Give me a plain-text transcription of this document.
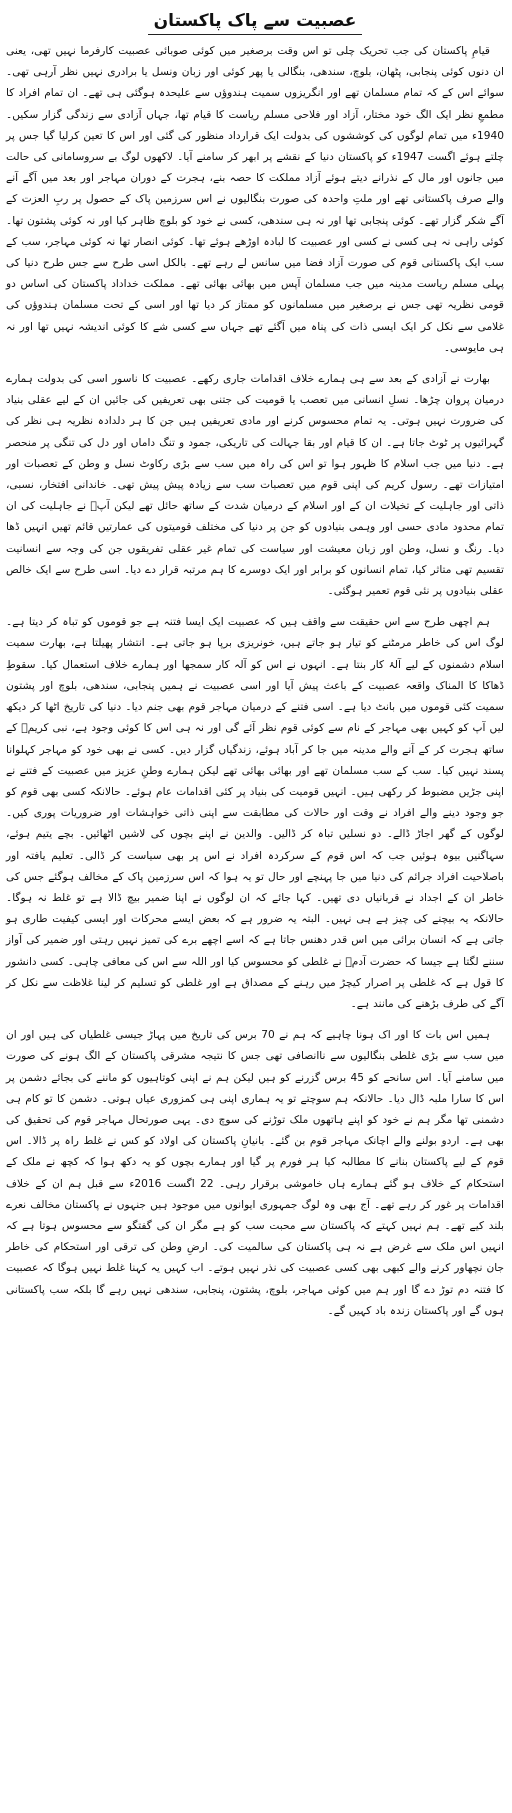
عصبیت سے پاک پاکستان

قیامِ پاکستان کی جب تحریک چلی تو اس وقت برصغیر میں کوئی صوبائی عصبیت کارفرما نہیں تھی، یعنی ان دنوں کوئی پنجابی، پٹھان، بلوچ، سندھی، بنگالی یا پھر کوئی اور زبان ونسل یا برادری نہیں نظر آرہی تھی۔ سوائے اس کے کہ تمام مسلمان تھے اور انگریزوں سمیت ہندوؤں سے علیحدہ ہوگئی ہی تھے۔ ان تمام افراد کا مطمعِ نظر ایک الگ خود مختار، آزاد اور فلاحی مسلم ریاست کا قیام تھا، جہاں آزادی سے زندگی گزار سکیں۔ 1940ء میں تمام لوگوں کی کوششوں کی بدولت ایک قرارداد منظور کی گئی اور اس کا تعین کرلیا گیا جس پر چلتے ہوئے اگست 1947ء کو پاکستان دنیا کے نقشے پر ابھر کر سامنے آیا۔ لاکھوں لوگ بے سروسامانی کی حالت میں جانوں اور مال کے نذرانے دیتے ہوئے آزاد مملکت کا حصہ بنے، ہجرت کے دوران مہاجر اور بعد میں آگے آنے والے صرف پاکستانی تھے اور ملتِ واحدہ کی صورت بنگالیوں نے اس سرزمین پاک کے حصول پر ربِ العزت کے آگے شکر گزار تھے۔ کوئی پنجابی تھا اور نہ ہی سندھی، کسی نے خود کو بلوچ ظاہر کیا اور نہ کوئی پشتون تھا۔ کوئی راہی نہ ہی کسی نے کسی اور عصبیت کا لبادہ اوڑھے ہوئے تھا۔ کوئی انصار تھا نہ کوئی مہاجر، سب کے سب ایک پاکستانی قوم کی صورت آزاد فضا میں سانس لے رہے تھے۔ بالکل اسی طرح سے جس طرح دنیا کی پہلی مسلم ریاست مدینہ میں جب مسلمان آپس میں بھائی بھائی تھے۔ مملکت خداداد پاکستان کی اساس دو قومی نظریہ تھی جس نے برصغیر میں مسلمانوں کو ممتاز کر دیا تھا اور اسی کے تحت مسلمان ہندوؤں کی غلامی سے نکل کر ایک ایسی ذات کی پناہ میں آگئے تھے جہاں سے کسی شے کا کوئی اندیشہ نہیں تھا اور نہ ہی مایوسی۔

بھارت نے آزادی کے بعد سے ہی ہمارے خلاف اقدامات جاری رکھے۔ عصبیت کا ناسور اسی کی بدولت ہمارے درمیان پروان چڑھا۔ نسلِ انسانی میں تعصب یا قومیت کی جتنی بھی تعریفیں کی جائیں ان کے لیے عقلی بنیاد کی ضرورت نہیں ہوتی۔ یہ تمام محسوس کرنے اور مادی تعریفیں ہیں جن کا ہر دلدادہ نظریہ ہی نظر کی گہرائیوں پر ٹوٹ جاتا ہے۔ ان کا قیام اور بقا جہالت کی تاریکی، جمود و تنگ داماں اور دل کی تنگی پر منحصر ہے۔ دنیا میں جب اسلام کا ظہور ہوا تو اس کی راہ میں سب سے بڑی رکاوٹ نسل و وطن کے تعصبات اور امتیازات تھے۔ رسول کریم کی اپنی قوم میں تعصبات سب سے زیادہ پیش پیش تھی۔ خاندانی افتخار، نسبی، ذاتی اور جاہلیت کے تخیلات ان کے اور اسلام کے درمیان شدت کے ساتھ حائل تھے لیکن آپؐ نے جاہلیت کی ان تمام محدود مادی حسی اور وہمی بنیادوں کو جن پر دنیا کی مختلف قومیتوں کی عمارتیں قائم تھیں انہیں ڈھا دیا۔ رنگ و نسل، وطن اور زبان معیشت اور سیاست کی تمام غیر عقلی تفریقوں جن کی وجہ سے انسانیت تقسیم تھی متاثر کیا، تمام انسانوں کو برابر اور ایک دوسرے کا ہم مرتبہ قرار دے دیا۔ اسی طرح سے ایک خالص عقلی بنیادوں پر نئی قوم تعمیر ہوگئی۔

ہم اچھی طرح سے اس حقیقت سے واقف ہیں کہ عصبیت ایک ایسا فتنہ ہے جو قوموں کو تباہ کر دیتا ہے۔ لوگ اس کی خاطر مرمٹنے کو تیار ہو جاتے ہیں، خونریزی برپا ہو جاتی ہے۔ انتشار پھیلتا ہے، بھارت سمیت اسلام دشمنوں کے لیے آلۂ کار بنتا ہے۔ انہوں نے اس کو آلہ کار سمجھا اور ہمارے خلاف استعمال کیا۔ سقوطِ ڈھاکا کا المناک واقعہ عصبیت کے باعث پیش آیا اور اسی عصبیت نے ہمیں پنجابی، سندھی، بلوچ اور پشتون سمیت کئی قوموں میں بانٹ دیا ہے۔ اسی فتنے کے درمیان مہاجر قوم بھی جنم دیا۔ دنیا کی تاریخ اٹھا کر دیکھ لیں آپ کو کہیں بھی مہاجر کے نام سے کوئی قوم نظر آئے گی اور نہ ہی اس کا کوئی وجود ہے، نبی کریمؐ کے ساتھ ہجرت کر کے آنے والے مدینہ میں جا کر آباد ہوئے، زندگیاں گزار دیں۔ کسی نے بھی خود کو مہاجر کہلوانا پسند نہیں کیا۔ سب کے سب مسلمان تھے اور بھائی بھائی تھے لیکن ہمارے وطنِ عزیز میں عصبیت کے فتنے نے اپنی جڑیں مضبوط کر رکھی ہیں۔ انہیں قومیت کی بنیاد پر کئی اقدامات عام ہوئے۔ حالانکہ کسی بھی قوم کو جو وجود دینے والے افراد نے وقت اور حالات کی مطابقت سے اپنی ذاتی خواہشات اور ضروریات پوری کیں۔ لوگوں کے گھر اجاڑ ڈالے۔ دو نسلیں تباہ کر ڈالیں۔ والدین نے اپنے بچوں کی لاشیں اٹھائیں۔ بچے یتیم ہوئے، سہاگنیں بیوہ ہوئیں جب کہ اس قوم کے سرکردہ افراد نے اس پر بھی سیاست کر ڈالی۔ تعلیم یافتہ اور باصلاحیت افراد جرائم کی دنیا میں جا پہنچے اور حال تو یہ ہوا کہ اس سرزمین پاک کے مخالف ہوگئے جس کی خاطر ان کے اجداد نے قربانیاں دی تھیں۔ کہا جائے کہ ان لوگوں نے اپنا ضمیر بیچ ڈالا ہے تو غلط نہ ہوگا۔ حالانکہ یہ بیچنے کی چیز ہے ہی نہیں۔ البتہ یہ ضرور ہے کہ بعض ایسے محرکات اور ایسی کیفیت طاری ہو جاتی ہے کہ انسان برائی میں اس قدر دھنس جاتا ہے کہ اسے اچھے برے کی تمیز نہیں رہتی اور ضمیر کی آواز سننے لگتا ہے جیسا کہ حضرت آدمؑ نے غلطی کو محسوس کیا اور اللہ سے اس کی معافی چاہی۔ کسی دانشور کا قول ہے کہ غلطی پر اصرار کیچڑ میں رہنے کے مصداق ہے اور غلطی کو تسلیم کر لینا غلاظت سے نکل کر آگے کی طرف بڑھنے کی مانند ہے۔

ہمیں اس بات کا اور اک ہونا چاہیے کہ ہم نے 70 برس کی تاریخ میں پہاڑ جیسی غلطیاں کی ہیں اور ان میں سب سے بڑی غلطی بنگالیوں سے ناانصافی تھی جس کا نتیجہ مشرقی پاکستان کے الگ ہونے کی صورت میں سامنے آیا۔ اس سانحے کو 45 برس گزرنے کو ہیں لیکن ہم نے اپنی کوتاہیوں کو ماننے کی بجائے دشمن پر اس کا سارا ملبہ ڈال دیا۔ حالانکہ ہم سوچتے تو یہ ہماری اپنی ہی کمزوری عیاں ہوتی۔ دشمن کا تو کام ہی دشمنی تھا مگر ہم نے خود کو اپنے ہاتھوں ملک توڑنے کی سوچ دی۔ یہی صورتحال مہاجر قوم کی تحقیق کی بھی ہے۔ اردو بولنے والے اچانک مہاجر قوم بن گئے۔ بانیانِ پاکستان کی اولاد کو کس نے غلط راہ پر ڈالا۔ اس قوم کے لیے پاکستان بنانے کا مطالبہ کیا ہر فورم پر گیا اور ہمارے بچوں کو یہ دکھ ہوا کہ کچھ نے ملک کے استحکام کے خلاف ہو گئے ہمارے ہاں خاموشی برقرار رہی۔ 22 اگست 2016ء سے قبل ہم ان کے خلاف اقدامات پر غور کر رہے تھے۔ آج بھی وہ لوگ جمہوری ایوانوں میں موجود ہیں جنہوں نے پاکستان مخالف نعرے بلند کیے تھے۔ ہم نہیں کہتے کہ پاکستان سے محبت سب کو ہے مگر ان کی گفتگو سے محسوس ہوتا ہے کہ انہیں اس ملک سے غرض ہے نہ ہی پاکستان کی سالمیت کی۔ ارضِ وطن کی ترقی اور استحکام کی خاطر جان نچھاور کرنے والے کبھی بھی کسی عصبیت کی نذر نہیں ہوتے۔ اب کہیں یہ کہنا غلط نہیں ہوگا کہ عصبیت کا فتنہ دم توڑ دے گا اور ہم میں کوئی مہاجر، بلوچ، پشتون، پنجابی، سندھی نہیں رہے گا بلکہ سب پاکستانی ہوں گے اور پاکستان زندہ باد کہیں گے۔
